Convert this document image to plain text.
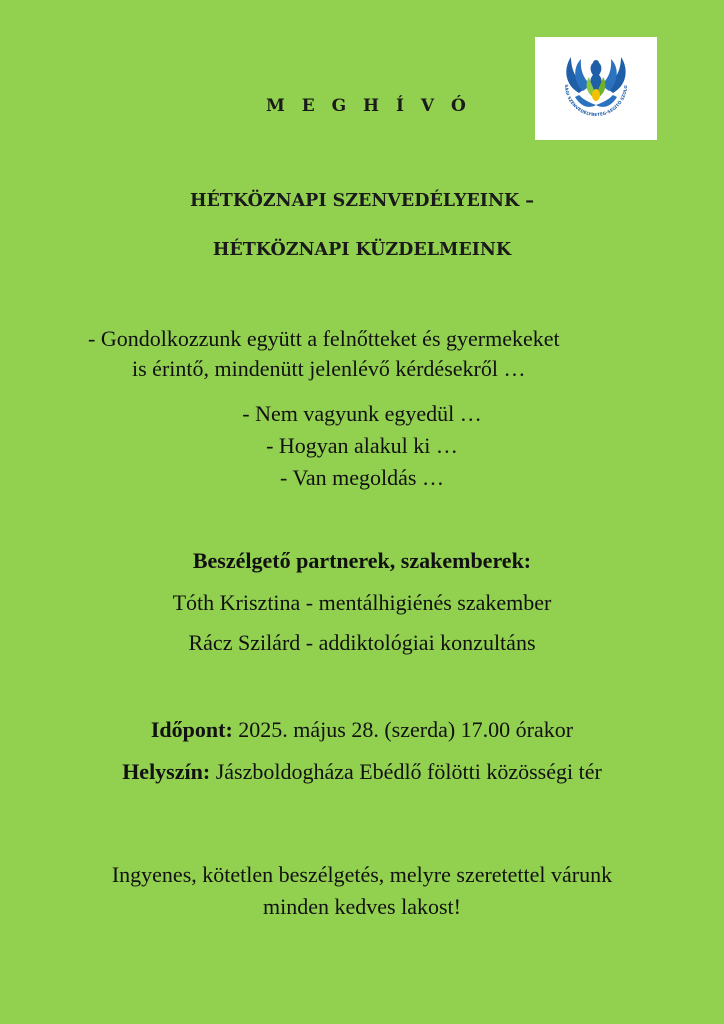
M E G H Í V Ó
SÁGI SZENVEDÉLYBETEG-SEGÍTŐ SZOLG
HÉTKÖZNAPI SZENVEDÉLYEINK –
HÉTKÖZNAPI KÜZDELMEINK
- Gondolkozzunk együtt a felnőtteket és gyermekeket
is érintő, mindenütt jelenlévő kérdésekről …
- Nem vagyunk egyedül …
- Hogyan alakul ki …
- Van megoldás …
Beszélgető partnerek, szakemberek:
Tóth Krisztina - mentálhigiénés szakember
Rácz Szilárd - addiktológiai konzultáns
Időpont: 2025. május 28. (szerda) 17.00 órakor
Helyszín: Jászboldogháza Ebédlő fölötti közösségi tér
Ingyenes, kötetlen beszélgetés, melyre szeretettel várunk
minden kedves lakost!
